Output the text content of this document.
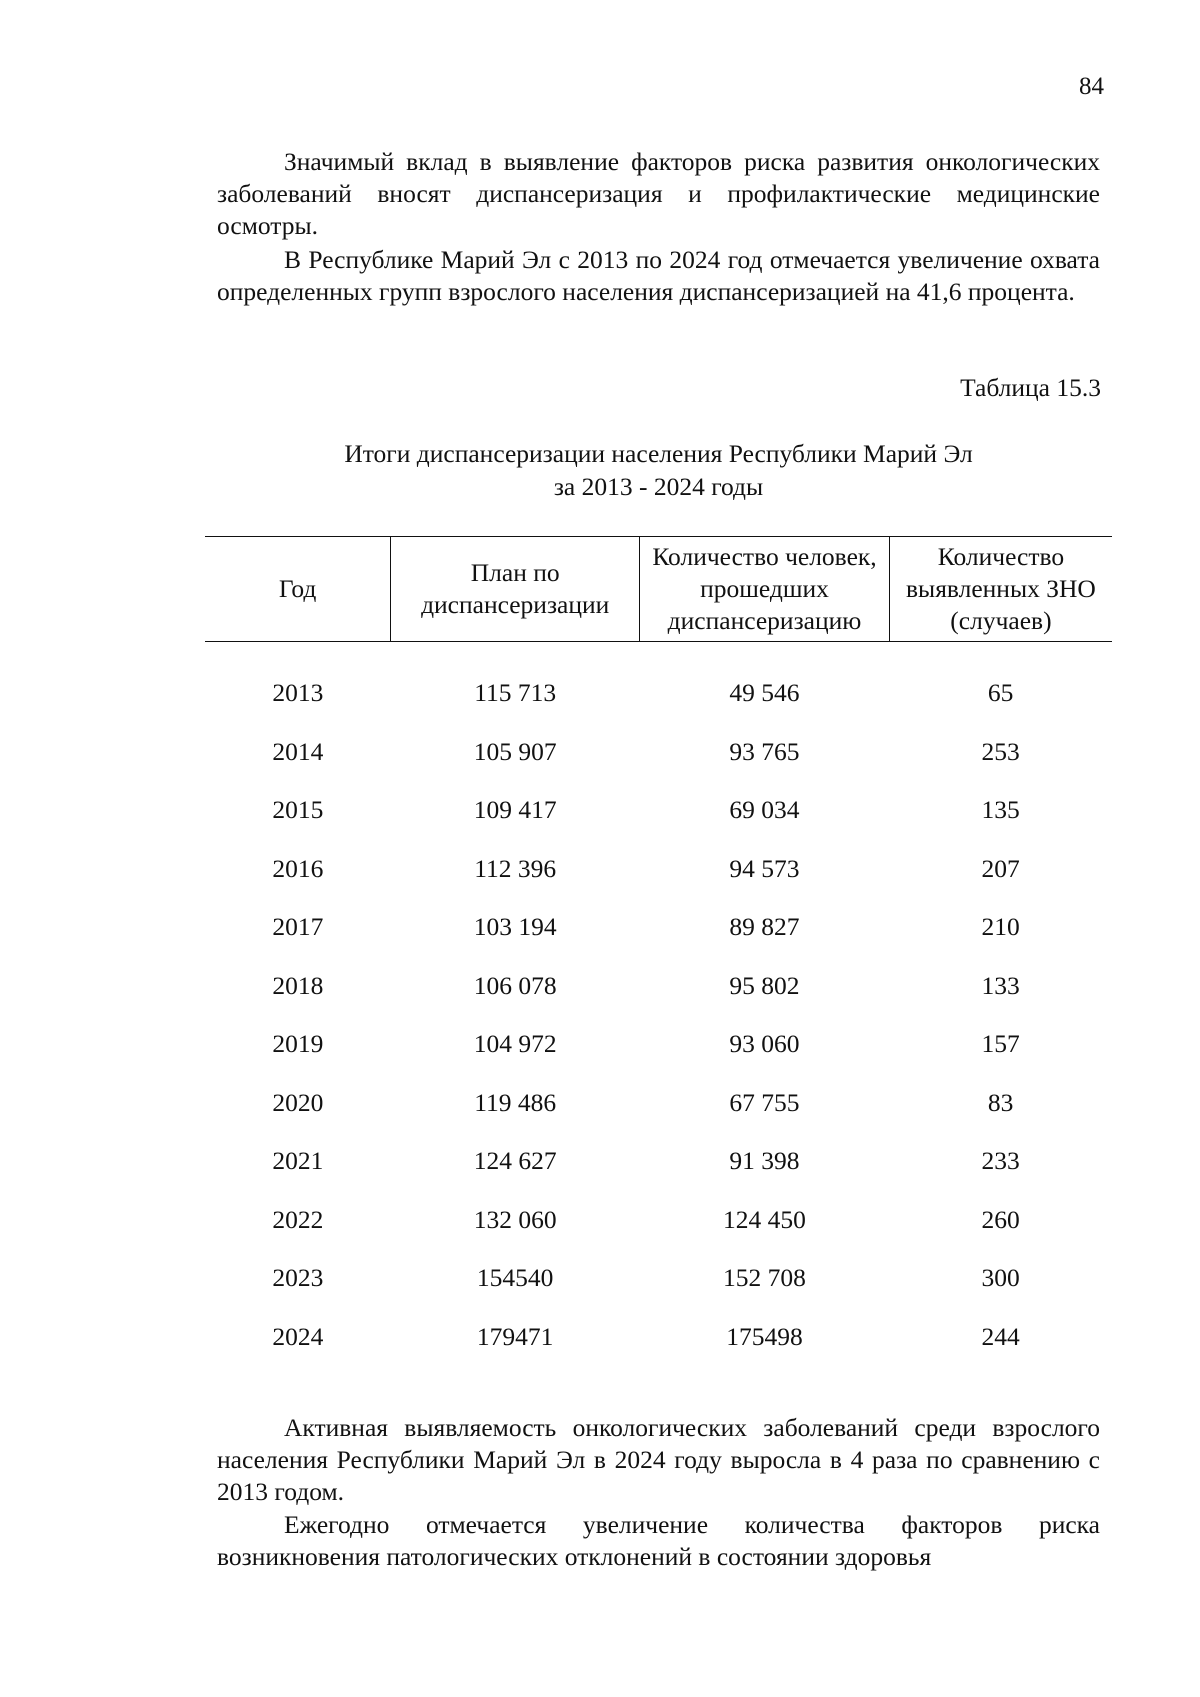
84

Значимый вклад в выявление факторов риска развития онкологических заболеваний вносят диспансеризация и профилактические медицинские осмотры.

В Республике Марий Эл с 2013 по 2024 год отмечается увеличение охвата определенных групп взрослого населения диспансеризацией на 41,6 процента.

Таблица 15.3
Итоги диспансеризации населения Республики Марий Эл
за 2013 - 2024 годы
Год	План по диспансеризации	Количество человек, прошедших диспансеризацию	Количество выявленных ЗНО (случаев)
2013	115 713	49 546	65
2014	105 907	93 765	253
2015	109 417	69 034	135
2016	112 396	94 573	207
2017	103 194	89 827	210
2018	106 078	95 802	133
2019	104 972	93 060	157
2020	119 486	67 755	83
2021	124 627	91 398	233
2022	132 060	124 450	260
2023	154540	152 708	300
2024	179471	175498	244

Активная выявляемость онкологических заболеваний среди взрослого населения Республики Марий Эл в 2024 году выросла в 4 раза по сравнению с 2013 годом.

Ежегодно отмечается увеличение количества факторов риска возникновения патологических отклонений в состоянии здоровья
